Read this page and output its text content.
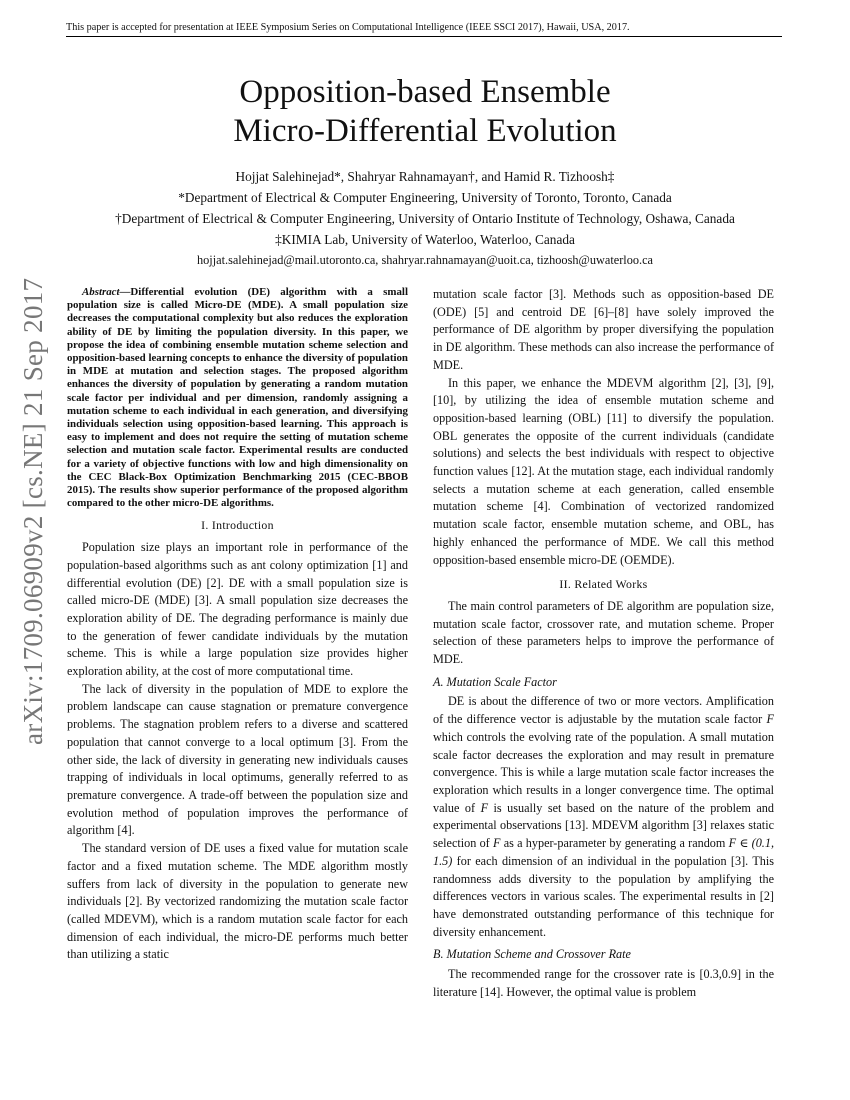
This paper is accepted for presentation at IEEE Symposium Series on Computational Intelligence (IEEE SSCI 2017), Hawaii, USA, 2017.
arXiv:1709.06909v2 [cs.NE] 21 Sep 2017
Opposition-based Ensemble
Micro-Differential Evolution
Hojjat Salehinejad*, Shahryar Rahnamayan†, and Hamid R. Tizhoosh‡
*Department of Electrical & Computer Engineering, University of Toronto, Toronto, Canada
†Department of Electrical & Computer Engineering, University of Ontario Institute of Technology, Oshawa, Canada
‡KIMIA Lab, University of Waterloo, Waterloo, Canada
hojjat.salehinejad@mail.utoronto.ca, shahryar.rahnamayan@uoit.ca, tizhoosh@uwaterloo.ca

Abstract—Differential evolution (DE) algorithm with a small population size is called Micro-DE (MDE). A small population size decreases the computational complexity but also reduces the exploration ability of DE by limiting the population diversity. In this paper, we propose the idea of combining ensemble mutation scheme selection and opposition-based learning concepts to enhance the diversity of population in MDE at mutation and selection stages. The proposed algorithm enhances the diversity of population by generating a random mutation scale factor per individual and per dimension, randomly assigning a mutation scheme to each individual in each generation, and diversifying individuals selection using opposition-based learning. This approach is easy to implement and does not require the setting of mutation scheme selection and mutation scale factor. Experimental results are conducted for a variety of objective functions with low and high dimensionality on the CEC Black-Box Optimization Benchmarking 2015 (CEC-BBOB 2015). The results show superior performance of the proposed algorithm compared to the other micro-DE algorithms.

I. Introduction

Population size plays an important role in performance of the population-based algorithms such as ant colony optimization [1] and differential evolution (DE) [2]. DE with a small population size is called micro-DE (MDE) [3]. A small population size decreases the exploration ability of DE. The degrading performance is mainly due to the generation of fewer candidate individuals by the mutation scheme. This is while a large population size provides higher exploration ability, at the cost of more computational time.

The lack of diversity in the population of MDE to explore the problem landscape can cause stagnation or premature convergence problems. The stagnation problem refers to a diverse and scattered population that cannot converge to a local optimum [3]. From the other side, the lack of diversity in generating new individuals causes trapping of individuals in local optimums, generally referred to as premature convergence. A trade-off between the population size and evolution method of population improves the performance of algorithm [4].

The standard version of DE uses a fixed value for mutation scale factor and a fixed mutation scheme. The MDE algorithm mostly suffers from lack of diversity in the population to generate new individuals [2]. By vectorized randomizing the mutation scale factor (called MDEVM), which is a random mutation scale factor for each dimension of each individual, the micro-DE performs much better than utilizing a static

mutation scale factor [3]. Methods such as opposition-based DE (ODE) [5] and centroid DE [6]–[8] have solely improved the performance of DE algorithm by proper diversifying the population in DE algorithm. These methods can also increase the performance of MDE.

In this paper, we enhance the MDEVM algorithm [2], [3], [9], [10], by utilizing the idea of ensemble mutation scheme and opposition-based learning (OBL) [11] to diversify the population. OBL generates the opposite of the current individuals (candidate solutions) and selects the best individuals with respect to objective function values [12]. At the mutation stage, each individual randomly selects a mutation scheme at each generation, called ensemble mutation scheme [4]. Combination of vectorized randomized mutation scale factor, ensemble mutation scheme, and OBL, has highly enhanced the performance of MDE. We call this method opposition-based ensemble micro-DE (OEMDE).

II. Related Works

The main control parameters of DE algorithm are population size, mutation scale factor, crossover rate, and mutation scheme. Proper selection of these parameters helps to improve the performance of MDE.

A. Mutation Scale Factor

DE is about the difference of two or more vectors. Amplification of the difference vector is adjustable by the mutation scale factor F which controls the evolving rate of the population. A small mutation scale factor decreases the exploration and may result in premature convergence. This is while a large mutation scale factor increases the exploration which results in a longer convergence time. The optimal value of F is usually set based on the nature of the problem and experimental observations [13]. MDEVM algorithm [3] relaxes static selection of F as a hyper-parameter by generating a random F ∈ (0.1, 1.5) for each dimension of an individual in the population [3]. This randomness adds diversity to the population by amplifying the differences vectors in various scales. The experimental results in [2] have demonstrated outstanding performance of this technique for diversity enhancement.

B. Mutation Scheme and Crossover Rate

The recommended range for the crossover rate is [0.3,0.9] in the literature [14]. However, the optimal value is problem
